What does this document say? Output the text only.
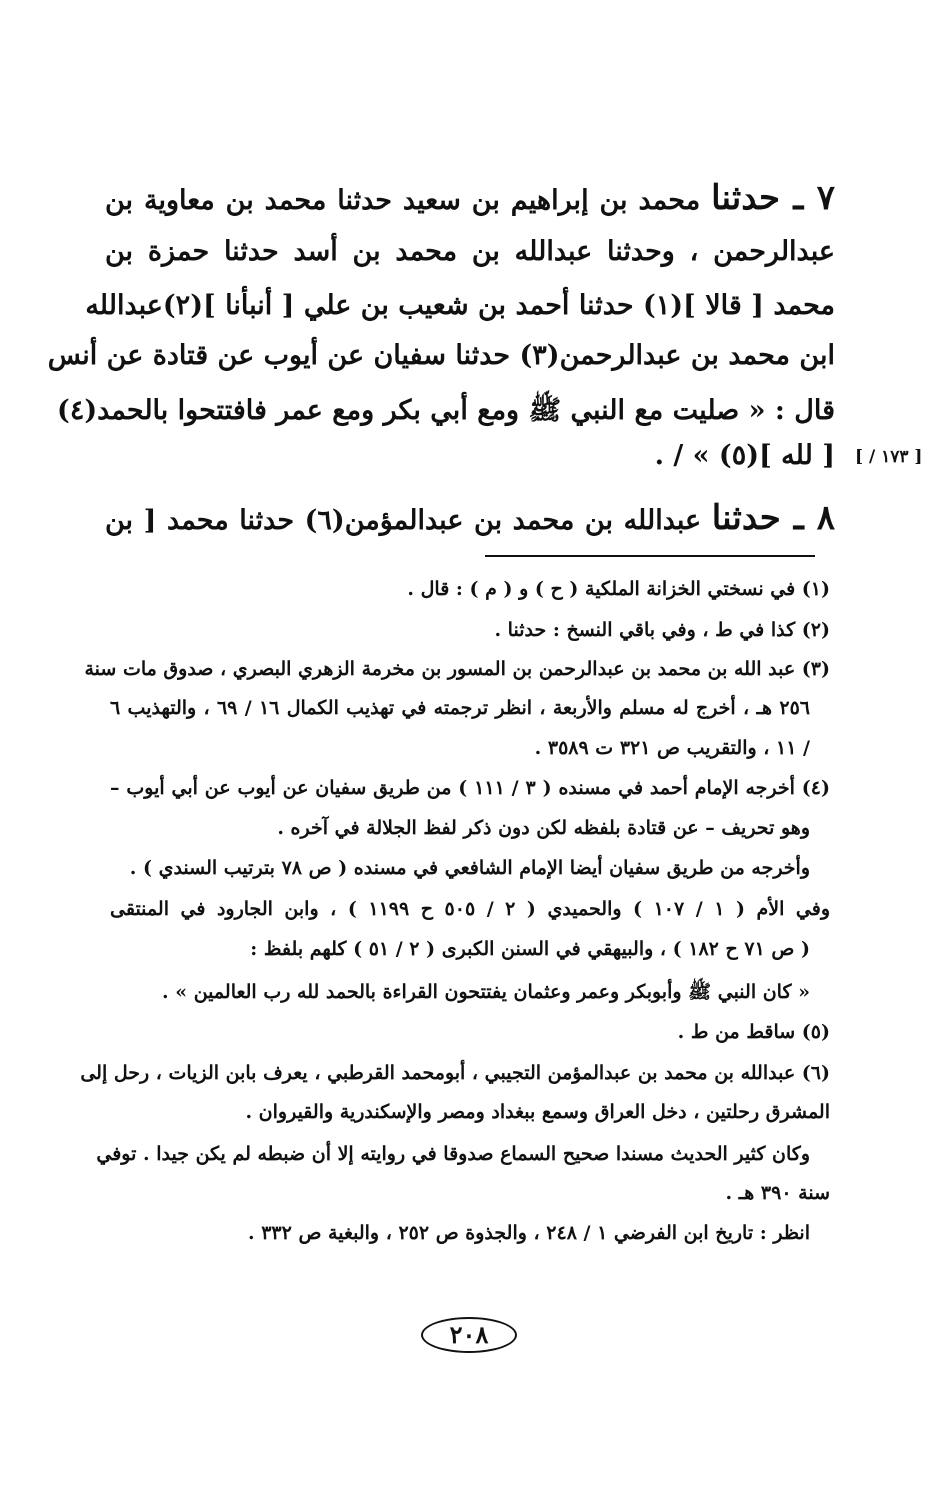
٧ ـ حدثنا محمد بن إبراهيم بن سعيد حدثنا محمد بن معاوية بن
عبدالرحمن ، وحدثنا عبدالله بن محمد بن أسد حدثنا حمزة بن
محمد [ قالا ](١) حدثنا أحمد بن شعيب بن علي [ أنبأنا ](٢)عبدالله
ابن محمد بن عبدالرحمن(٣) حدثنا سفيان عن أيوب عن قتادة عن أنس
قال : « صليت مع النبي ﷺ ومع أبي بكر ومع عمر فافتتحوا بالحمد(٤)
[ لله ](٥) » / .
٨ ـ حدثنا عبدالله بن محمد بن عبدالمؤمن(٦) حدثنا محمد [ بن
[ ١٧٣ / ]
(١) في نسختي الخزانة الملكية ( ح ) و ( م ) : قال .
(٢) كذا في ط ، وفي باقي النسخ : حدثنا .
(٣) عبد الله بن محمد بن عبدالرحمن بن المسور بن مخرمة الزهري البصري ، صدوق مات سنة
٢٥٦ هـ ، أخرج له مسلم والأربعة ، انظر ترجمته في تهذيب الكمال ١٦ / ٦٩ ، والتهذيب ٦
/ ١١ ، والتقريب ص ٣٢١ ت ٣٥٨٩ .
(٤) أخرجه الإمام أحمد في مسنده ( ٣ / ١١١ ) من طريق سفيان عن أيوب عن أبي أيوب –
وهو تحريف – عن قتادة بلفظه لكن دون ذكر لفظ الجلالة في آخره .
وأخرجه من طريق سفيان أيضا الإمام الشافعي في مسنده ( ص ٧٨ بترتيب السندي ) .
وفي الأم ( ١ / ١٠٧ ) والحميدي ( ٢ / ٥٠٥ ح ١١٩٩ ) ، وابن الجارود في المنتقى
( ص ٧١ ح ١٨٢ ) ، والبيهقي في السنن الكبرى ( ٢ / ٥١ ) كلهم بلفظ :
« كان النبي ﷺ وأبوبكر وعمر وعثمان يفتتحون القراءة بالحمد لله رب العالمين » .
(٥) ساقط من ط .
(٦) عبدالله بن محمد بن عبدالمؤمن التجيبي ، أبومحمد القرطبي ، يعرف بابن الزيات ، رحل إلى
المشرق رحلتين ، دخل العراق وسمع ببغداد ومصر والإسكندرية والقيروان .
وكان كثير الحديث مسندا صحيح السماع صدوقا في روايته إلا أن ضبطه لم يكن جيدا . توفي
سنة ٣٩٠ هـ .
انظر : تاريخ ابن الفرضي ١ / ٢٤٨ ، والجذوة ص ٢٥٢ ، والبغية ص ٣٣٢ .
٢٠٨
